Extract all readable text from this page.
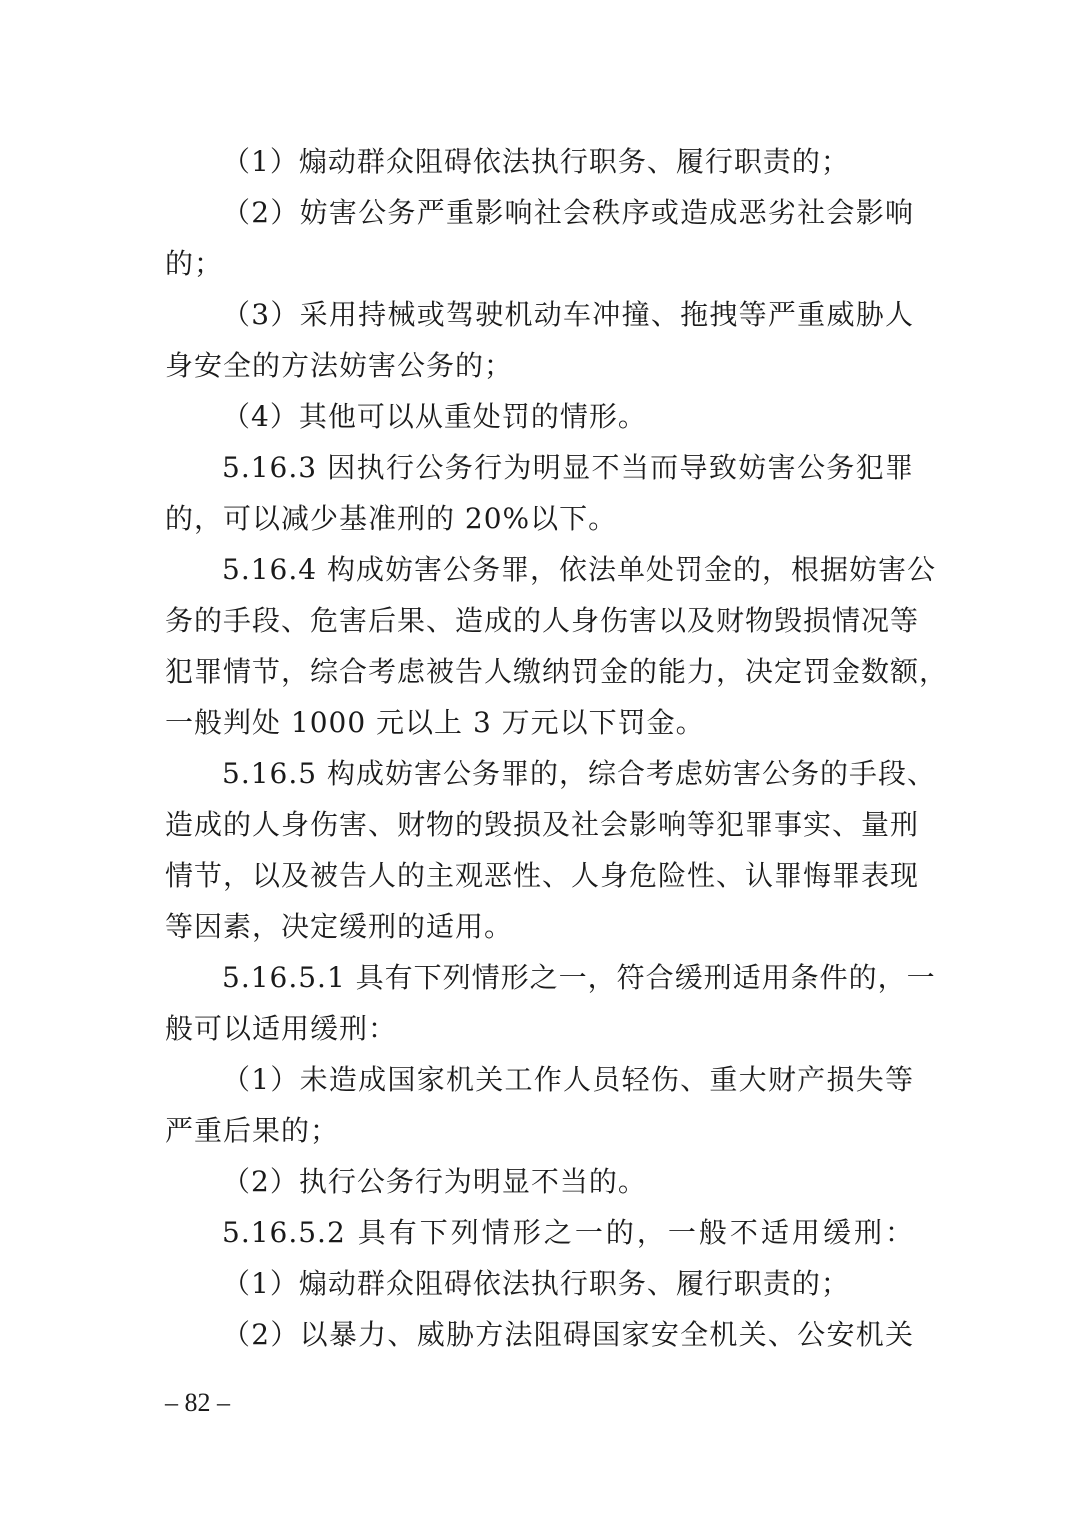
（1）煽动群众阻碍依法执行职务、履行职责的；
（2）妨害公务严重影响社会秩序或造成恶劣社会影响
的；
（3）采用持械或驾驶机动车冲撞、拖拽等严重威胁人
身安全的方法妨害公务的；
（4）其他可以从重处罚的情形。
5.16.3 因执行公务行为明显不当而导致妨害公务犯罪
的，可以减少基准刑的 20%以下。
5.16.4 构成妨害公务罪，依法单处罚金的，根据妨害公
务的手段、危害后果、造成的人身伤害以及财物毁损情况等
犯罪情节，综合考虑被告人缴纳罚金的能力，决定罚金数额，
一般判处 1000 元以上 3 万元以下罚金。
5.16.5 构成妨害公务罪的，综合考虑妨害公务的手段、
造成的人身伤害、财物的毁损及社会影响等犯罪事实、量刑
情节，以及被告人的主观恶性、人身危险性、认罪悔罪表现
等因素，决定缓刑的适用。
5.16.5.1 具有下列情形之一，符合缓刑适用条件的，一
般可以适用缓刑：
（1）未造成国家机关工作人员轻伤、重大财产损失等
严重后果的；
（2）执行公务行为明显不当的。
5.16.5.2 具有下列情形之一的，一般不适用缓刑：
（1）煽动群众阻碍依法执行职务、履行职责的；
（2）以暴力、威胁方法阻碍国家安全机关、公安机关
– 82 –
